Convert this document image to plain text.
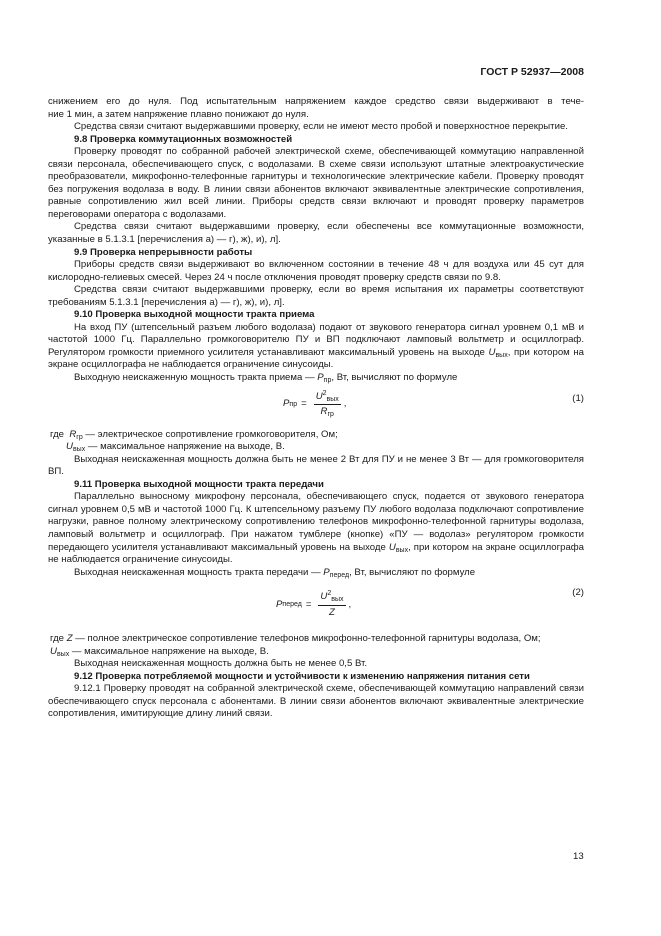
ГОСТ Р 52937—2008

снижением его до нуля. Под испытательным напряжением каждое средство связи выдерживают в тече-

ние 1 мин, а затем напряжение плавно понижают до нуля.

Средства связи считают выдержавшими проверку, если не имеют место пробой и поверхностное перекрытие.

9.8 Проверка коммутационных возможностей

Проверку проводят по собранной рабочей электрической схеме, обеспечивающей коммутацию направленной связи персонала, обеспечивающего спуск, с водолазами. В схеме связи используют штатные электроакустические преобразователи, микрофонно-телефонные гарнитуры и технологические электрические кабели. Проверку проводят без погружения водолаза в воду. В линии связи абонентов включают эквивалентные электрические сопротивления, равные сопротивлению жил всей линии. Приборы средств связи включают и проводят проверку параметров переговорами оператора с водолазами.

Средства связи считают выдержавшими проверку, если обеспечены все коммутационные возможности, указанные в 5.1.3.1 [перечисления а) — г), ж), и), л].

9.9 Проверка непрерывности работы

Приборы средств связи выдерживают во включенном состоянии в течение 48 ч для воздуха или 45 сут для кислородно-гелиевых смесей. Через 24 ч после отключения проводят проверку средств связи по 9.8.

Средства связи считают выдержавшими проверку, если во время испытания их параметры соответствуют требованиям 5.1.3.1 [перечисления а) — г), ж), и), л].

9.10 Проверка выходной мощности тракта приема

На вход ПУ (штепсельный разъем любого водолаза) подают от звукового генератора сигнал уровнем 0,1 мВ и частотой 1000 Гц. Параллельно громкоговорителю ПУ и ВП подключают ламповый вольтметр и осциллограф. Регулятором громкости приемного усилителя устанавливают максимальный уровень на выходе $U_{вых}$, при котором на экране осциллографа не наблюдается ограничение синусоиды.

Выходную неискаженную мощность тракта приема — $P_{пр}$, Вт, вычисляют по формуле

P пр = $\frac{U^2_{вых}}{R_{гр}}$ ,
(1)

где $R_{гр}$ — электрическое сопротивление громкоговорителя, Ом;

$U_{вых}$ — максимальное напряжение на выходе, В.

Выходная неискаженная мощность должна быть не менее 2 Вт для ПУ и не менее 3 Вт — для громкоговорителя ВП.

9.11 Проверка выходной мощности тракта передачи

Параллельно выносному микрофону персонала, обеспечивающего спуск, подается от звукового генератора сигнал уровнем 0,5 мВ и частотой 1000 Гц. К штепсельному разъему ПУ любого водолаза подключают сопротивление нагрузки, равное полному электрическому сопротивлению телефонов микрофонно-телефонной гарнитуры водолаза, ламповый вольтметр и осциллограф. При нажатом тумблере (кнопке) «ПУ — водолаз» регулятором громкости передающего усилителя устанавливают максимальный уровень на выходе $U_{вых}$, при котором на экране осциллографа не наблюдается ограничение синусоиды.

Выходная неискаженная мощность тракта передачи — $P_{перед}$, Вт, вычисляют по формуле

P перед = $\frac{U^2_{вых}}{Z}$ ,
(2)

где Z — полное электрическое сопротивление телефонов микрофонно-телефонной гарнитуры водолаза, Ом;

$U_{вых}$ — максимальное напряжение на выходе, В.

Выходная неискаженная мощность должна быть не менее 0,5 Вт.

9.12 Проверка потребляемой мощности и устойчивости к изменению напряжения питания сети

9.12.1 Проверку проводят на собранной электрической схеме, обеспечивающей коммутацию направлений связи обеспечивающего спуск персонала с абонентами. В линии связи абонентов включают эквивалентные электрические сопротивления, имитирующие длину линий связи.

13
